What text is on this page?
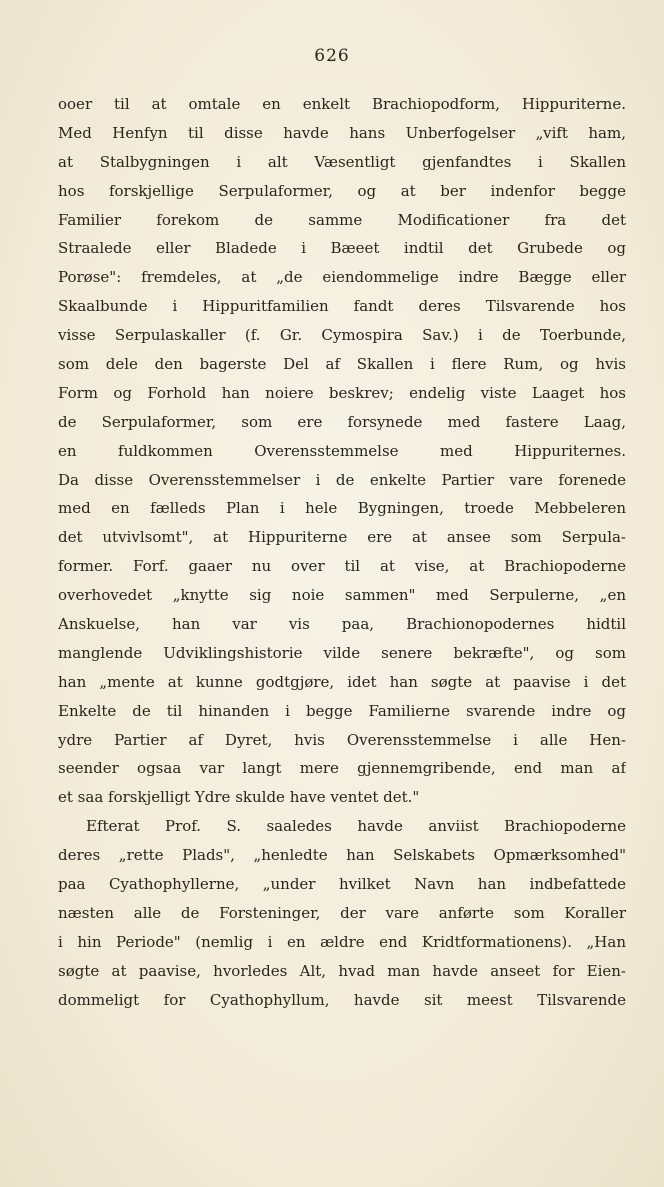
626
ooer til at omtale en enkelt Brachiopodform, Hippuriterne.
Med Henfyn til disse havde hans Unberfogelser „vift ham,
at Stalbygningen i alt Væsentligt gjenfandtes i Skallen
hos forskjellige Serpulaformer, og at ber indenfor begge
Familier forekom de samme Modificationer fra det
Straalede eller Bladede i Bæeet indtil det Grubede og
Porøse": fremdeles, at „de eiendommelige indre Bægge eller
Skaalbunde i Hippuritfamilien fandt deres Tilsvarende hos
visse Serpulaskaller (f. Gr. Cymospira Sav.) i de Toerbunde,
som dele den bagerste Del af Skallen i flere Rum, og hvis
Form og Forhold han noiere beskrev; endelig viste Laaget hos
de Serpulaformer, som ere forsynede med fastere Laag,
en fuldkommen Overensstemmelse med Hippuriternes.
Da disse Overensstemmelser i de enkelte Partier vare forenede
med en fælleds Plan i hele Bygningen, troede Mebbeleren
det utvivlsomt", at Hippuriterne ere at ansee som Serpula-
former. Forf. gaaer nu over til at vise, at Brachiopoderne
overhovedet „knytte sig noie sammen" med Serpulerne, „en
Anskuelse, han var vis paa, Brachionopodernes hidtil
manglende Udviklingshistorie vilde senere bekræfte", og som
han „mente at kunne godtgjøre, idet han søgte at paavise i det
Enkelte de til hinanden i begge Familierne svarende indre og
ydre Partier af Dyret, hvis Overensstemmelse i alle Hen-
seender ogsaa var langt mere gjennemgribende, end man af
et saa forskjelligt Ydre skulde have ventet det."
Efterat Prof. S. saaledes havde anviist Brachiopoderne
deres „rette Plads", „henledte han Selskabets Opmærksomhed"
paa Cyathophyllerne, „under hvilket Navn han indbefattede
næsten alle de Forsteninger, der vare anførte som Koraller
i hin Periode" (nemlig i en ældre end Kridtformationens). „Han
søgte at paavise, hvorledes Alt, hvad man havde anseet for Eien-
dommeligt for Cyathophyllum, havde sit meest Tilsvarende
